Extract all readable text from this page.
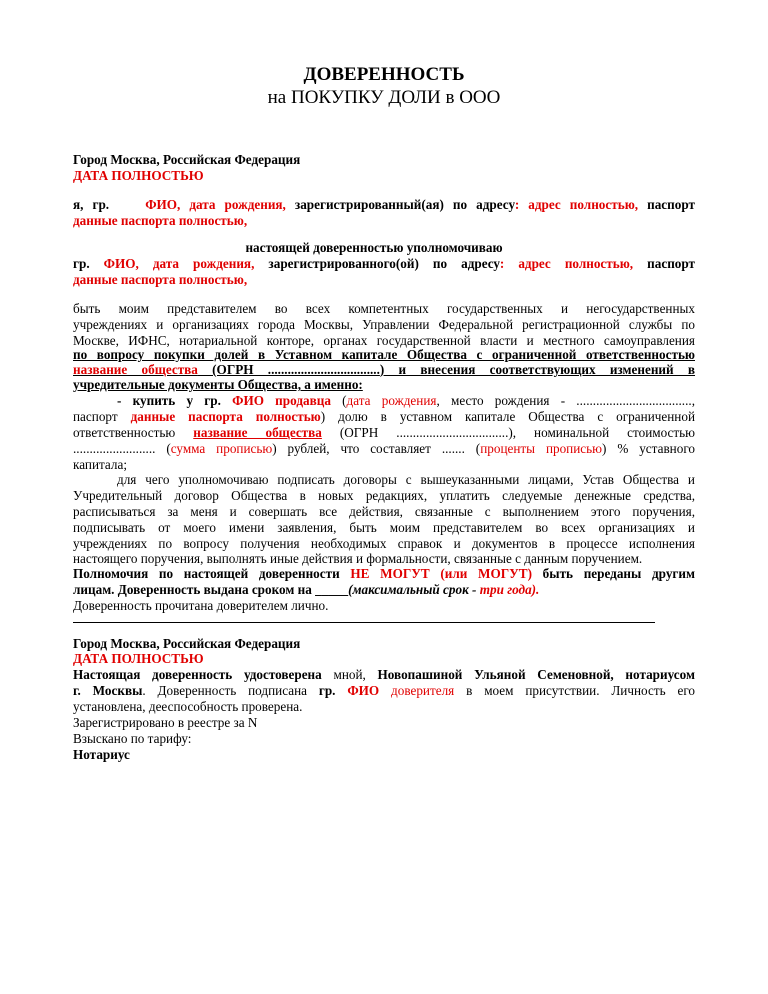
ДОВЕРЕННОСТЬ
на ПОКУПКУ ДОЛИ в ООО
Город Москва, Российская Федерация
ДАТА ПОЛНОСТЬЮ
я, гр.	ФИО, дата рождения, зарегистрированный(ая) по адресу: адрес полностью, паспорт
данные паспорта полностью,
настоящей доверенностью уполномочиваю
гр. ФИО, дата рождения, зарегистрированного(ой) по адресу: адрес полностью, паспорт
данные паспорта полностью,
быть моим представителем во всех компетентных государственных и негосударственных
учреждениях и организациях города Москвы, Управлении Федеральной регистрационной службы по
Москве, ИФНС, нотариальной конторе, органах государственной власти и местного самоуправления
по вопросу покупки долей в Уставном капитале Общества с ограниченной ответственностью
название общества (ОГРН ..................................) и внесения соответствующих изменений в
учредительные документы Общества, а именно:
- купить у гр. ФИО продавца (дата рождения, место рождения - ...................................,
паспорт данные паспорта полностью) долю в уставном капитале Общества с ограниченной
ответственностью название общества (ОГРН ..................................), номинальной стоимостью
......................... (сумма прописью) рублей, что составляет ....... (проценты прописью) % уставного
капитала;
для чего уполномочиваю подписать договоры с вышеуказанными лицами, Устав Общества и
Учредительный договор Общества в новых редакциях, уплатить следуемые денежные средства,
расписываться за меня и совершать все действия, связанные с выполнением этого поручения,
подписывать от моего имени заявления, быть моим представителем во всех организациях и
учреждениях по вопросу получения необходимых справок и документов в процессе исполнения
настоящего поручения, выполнять иные действия и формальности, связанные с данным поручением.
Полномочия по настоящей доверенности НЕ МОГУТ (или МОГУТ) быть переданы другим
лицам. Доверенность выдана сроком на _____(максимальный срок - три года).
Доверенность прочитана доверителем лично.
Город Москва, Российская Федерация
ДАТА ПОЛНОСТЬЮ
Настоящая доверенность удостоверена мной, Новопашиной Ульяной Семеновной, нотариусом
г. Москвы. Доверенность подписана гр. ФИО доверителя в моем присутствии. Личность его
установлена, дееспособность проверена.
Зарегистрировано в реестре за N
Взыскано по тарифу:
Нотариус
